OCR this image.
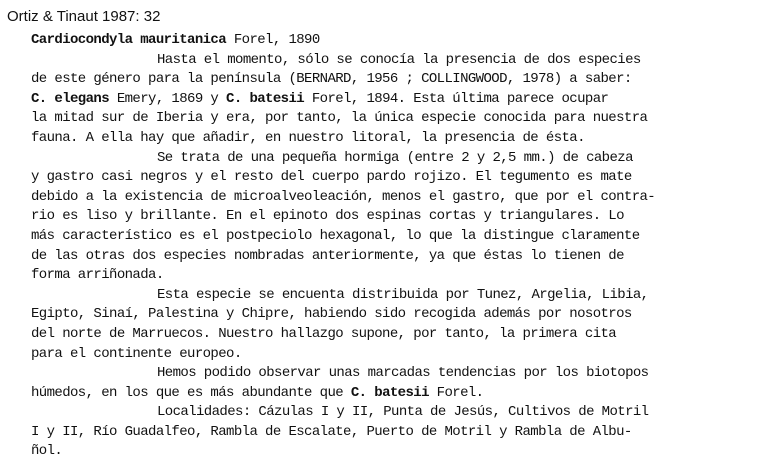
Ortiz & Tinaut 1987: 32
Cardiocondyla mauritanica Forel, 1890
Hasta el momento, sólo se conocía la presencia de dos especies
de este género para la península (BERNARD, 1956 ; COLLINGWOOD, 1978) a saber:
C. elegans Emery, 1869 y C. batesii Forel, 1894. Esta última parece ocupar
la mitad sur de Iberia y era, por tanto, la única especie conocida para nuestra
fauna. A ella hay que añadir, en nuestro litoral, la presencia de ésta.
Se trata de una pequeña hormiga (entre 2 y 2,5 mm.) de cabeza
y gastro casi negros y el resto del cuerpo pardo rojizo. El tegumento es mate
debido a la existencia de microalveoleación, menos el gastro, que por el contra-
rio es liso y brillante. En el epinoto dos espinas cortas y triangulares. Lo
más característico es el postpeciolo hexagonal, lo que la distingue claramente
de las otras dos especies nombradas anteriormente, ya que éstas lo tienen de
forma arriñonada.
Esta especie se encuenta distribuida por Tunez, Argelia, Libia,
Egipto, Sinaí, Palestina y Chipre, habiendo sido recogida además por nosotros
del norte de Marruecos. Nuestro hallazgo supone, por tanto, la primera cita
para el continente europeo.
Hemos podido observar unas marcadas tendencias por los biotopos
húmedos, en los que es más abundante que C. batesii Forel.
Localidades: Cázulas I y II, Punta de Jesús, Cultivos de Motril
I y II, Río Guadalfeo, Rambla de Escalate, Puerto de Motril y Rambla de Albu-
ñol.
